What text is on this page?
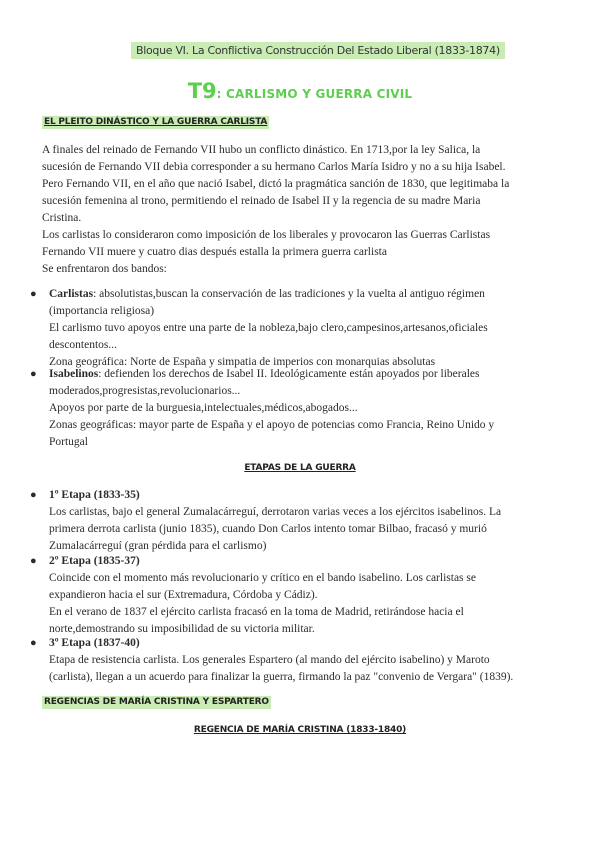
Bloque VI. La Conflictiva Construcción Del Estado Liberal (1833-1874)
T9: CARLISMO Y GUERRA CIVIL
EL PLEITO DINÁSTICO Y LA GUERRA CARLISTA
A finales del reinado de Fernando VII hubo un conflicto dinástico. En 1713,por la ley Salica, la
sucesión de Fernando VII debia corresponder a su hermano Carlos María Isidro y no a su hija Isabel.
Pero Fernando VII, en el año que nació Isabel, dictó la pragmática sanción de 1830, que legitimaba la
sucesión femenina al trono, permitiendo el reinado de Isabel II y la regencia de su madre Maria
Cristina.
Los carlistas lo consideraron como imposición de los liberales y provocaron las Guerras Carlistas
Fernando VII muere y cuatro dias después estalla la primera guerra carlista
Se enfrentaron dos bandos:
● Carlistas: absolutistas,buscan la conservación de las tradiciones y la vuelta al antiguo régimen
(importancia religiosa)
El carlismo tuvo apoyos entre una parte de la nobleza,bajo clero,campesinos,artesanos,oficiales
descontentos...
Zona geográfica: Norte de España y simpatia de imperios con monarquias absolutas
● Isabelinos: defienden los derechos de Isabel II. Ideológicamente están apoyados por liberales
moderados,progresistas,revolucionarios...
Apoyos por parte de la burguesia,intelectuales,médicos,abogados...
Zonas geográficas: mayor parte de España y el apoyo de potencias como Francia, Reino Unido y
Portugal
ETAPAS DE LA GUERRA
● 1º Etapa (1833-35)
Los carlistas, bajo el general Zumalacárreguí, derrotaron varias veces a los ejércitos isabelinos. La
primera derrota carlista (junio 1835), cuando Don Carlos intento tomar Bilbao, fracasó y murió
Zumalacárreguí (gran pérdida para el carlismo)
● 2º Etapa (1835-37)
Coincide con el momento más revolucionario y crítico en el bando isabelino. Los carlistas se
expandieron hacia el sur (Extremadura, Córdoba y Cádiz).
En el verano de 1837 el ejército carlista fracasó en la toma de Madrid, retirándose hacia el
norte,demostrando su imposibilidad de su victoria militar.
● 3º Etapa (1837-40)
Etapa de resistencia carlista. Los generales Espartero (al mando del ejército isabelino) y Maroto
(carlista), llegan a un acuerdo para finalizar la guerra, firmando la paz "convenio de Vergara" (1839).
REGENCIAS DE MARÍA CRISTINA Y ESPARTERO
REGENCIA DE MARÍA CRISTINA (1833-1840)
